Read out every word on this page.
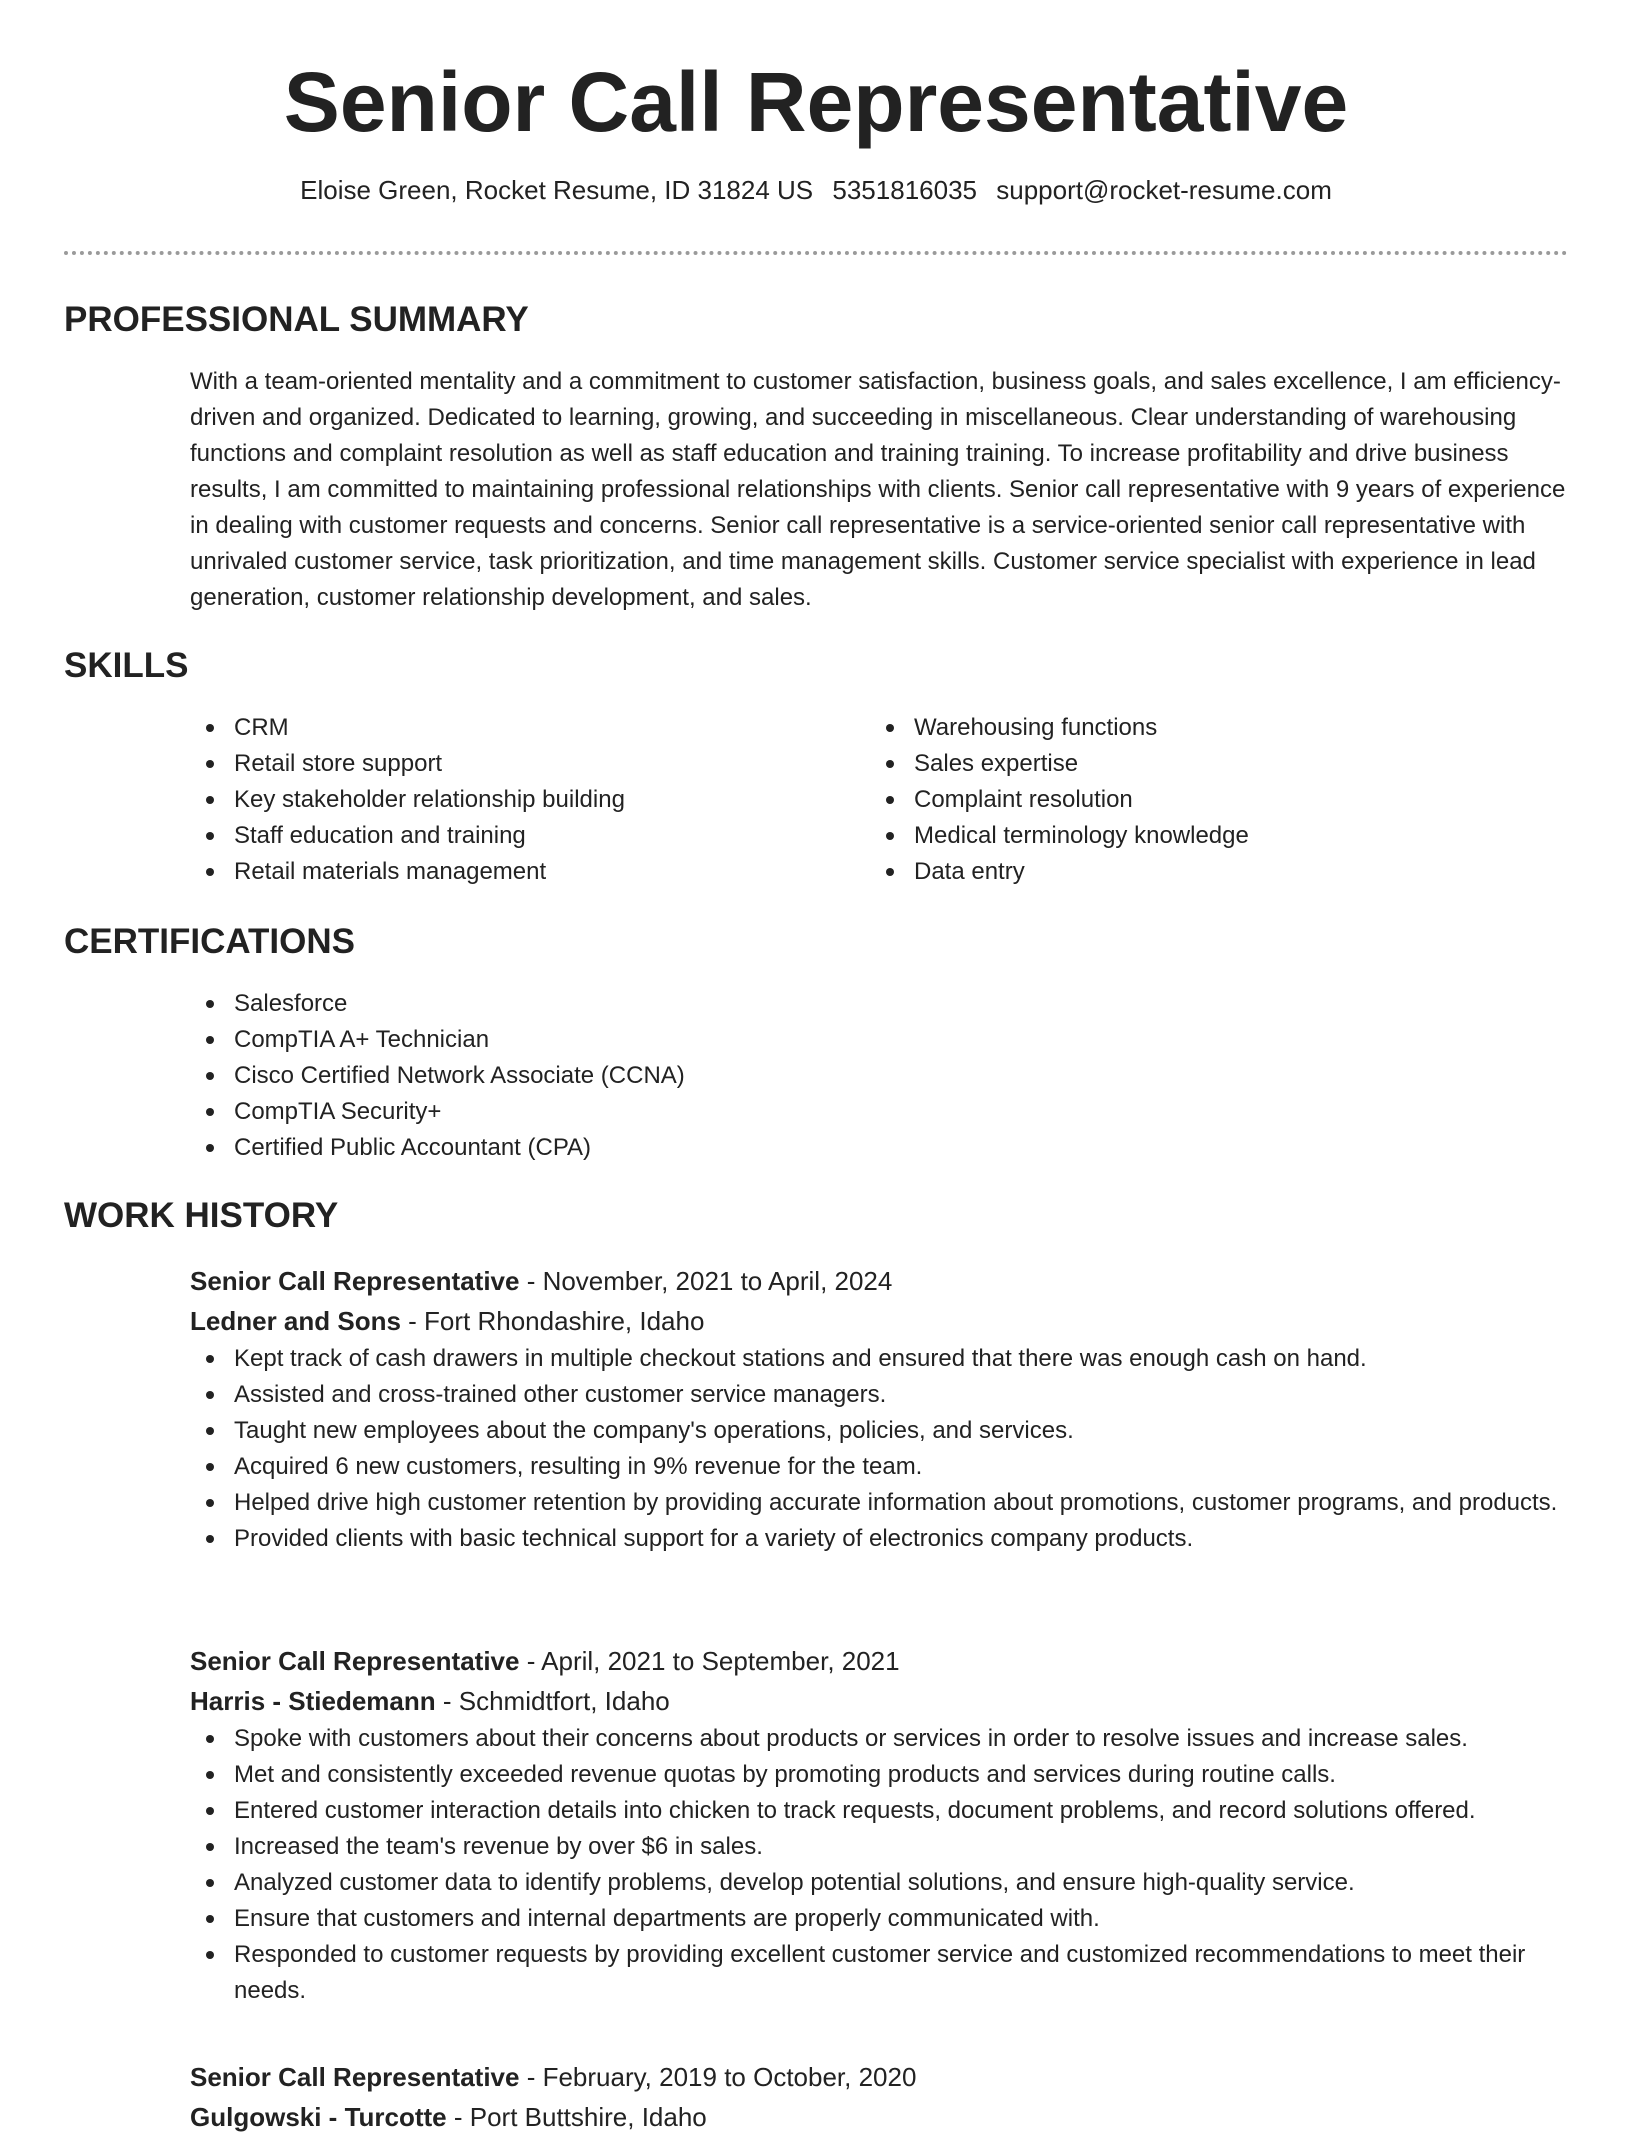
Senior Call Representative
Eloise Green, Rocket Resume, ID 31824 US 5351816035 support@rocket-resume.com
PROFESSIONAL SUMMARY
With a team-oriented mentality and a commitment to customer satisfaction, business goals, and sales excellence, I am efficiency-driven and organized. Dedicated to learning, growing, and succeeding in miscellaneous. Clear understanding of warehousing functions and complaint resolution as well as staff education and training training. To increase profitability and drive business results, I am committed to maintaining professional relationships with clients. Senior call representative with 9 years of experience in dealing with customer requests and concerns. Senior call representative is a service-oriented senior call representative with unrivaled customer service, task prioritization, and time management skills. Customer service specialist with experience in lead generation, customer relationship development, and sales.
SKILLS
CRM
Retail store support
Key stakeholder relationship building
Staff education and training
Retail materials management
Warehousing functions
Sales expertise
Complaint resolution
Medical terminology knowledge
Data entry
CERTIFICATIONS
Salesforce
CompTIA A+ Technician
Cisco Certified Network Associate (CCNA)
CompTIA Security+
Certified Public Accountant (CPA)
WORK HISTORY
Senior Call Representative - November, 2021 to April, 2024
Ledner and Sons - Fort Rhondashire, Idaho
Kept track of cash drawers in multiple checkout stations and ensured that there was enough cash on hand.
Assisted and cross-trained other customer service managers.
Taught new employees about the company's operations, policies, and services.
Acquired 6 new customers, resulting in 9% revenue for the team.
Helped drive high customer retention by providing accurate information about promotions, customer programs, and products.
Provided clients with basic technical support for a variety of electronics company products.
Senior Call Representative - April, 2021 to September, 2021
Harris - Stiedemann - Schmidtfort, Idaho
Spoke with customers about their concerns about products or services in order to resolve issues and increase sales.
Met and consistently exceeded revenue quotas by promoting products and services during routine calls.
Entered customer interaction details into chicken to track requests, document problems, and record solutions offered.
Increased the team's revenue by over $6 in sales.
Analyzed customer data to identify problems, develop potential solutions, and ensure high-quality service.
Ensure that customers and internal departments are properly communicated with.
Responded to customer requests by providing excellent customer service and customized recommendations to meet their needs.
Senior Call Representative - February, 2019 to October, 2020
Gulgowski - Turcotte - Port Buttshire, Idaho
